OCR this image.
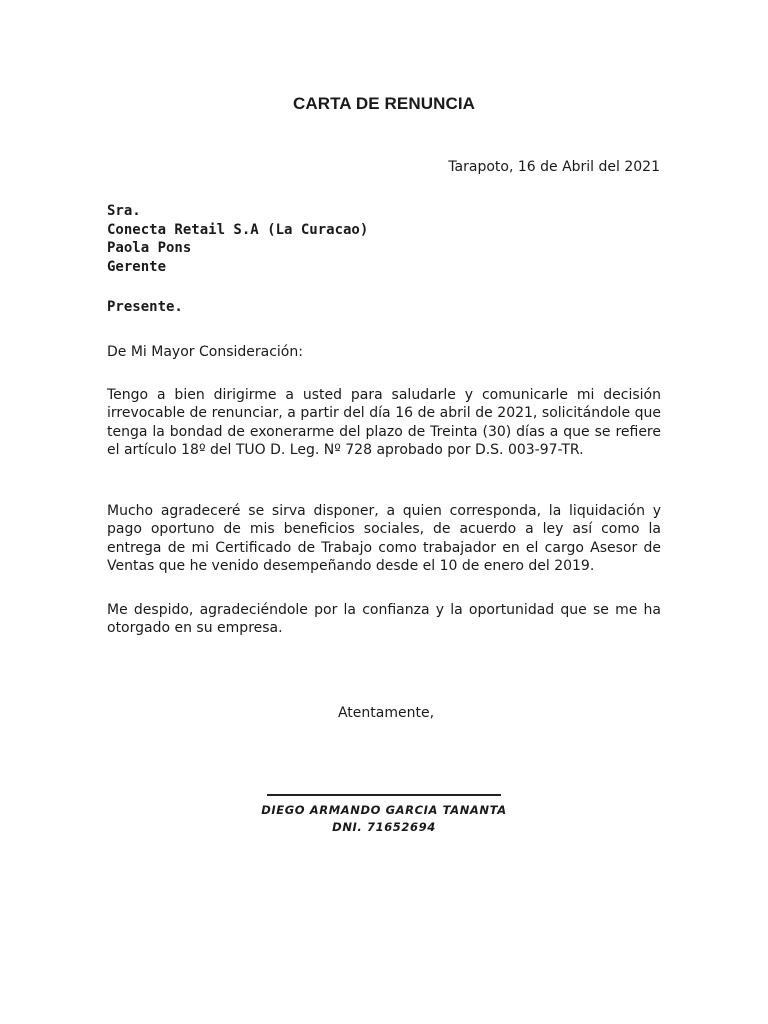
CARTA DE RENUNCIA
Tarapoto, 16 de Abril del 2021
Sra.
Conecta Retail S.A (La Curacao)
Paola Pons
Gerente
Presente.
De Mi Mayor Consideración:
Tengo a bien dirigirme a usted para saludarle y comunicarle mi decisión irrevocable de renunciar, a partir del día 16 de abril de 2021, solicitándole que tenga la bondad de exonerarme del plazo de Treinta (30) días a que se refiere el artículo 18º del TUO D. Leg. Nº 728 aprobado por D.S. 003-97-TR.
Mucho agradeceré se sirva disponer, a quien corresponda, la liquidación y pago oportuno de mis beneficios sociales, de acuerdo a ley así como la entrega de mi Certificado de Trabajo como trabajador en el cargo Asesor de Ventas que he venido desempeñando desde el 10 de enero del 2019.
Me despido, agradeciéndole por la confianza y la oportunidad que se me ha otorgado en su empresa.
Atentamente,
DIEGO ARMANDO GARCIA TANANTA
DNI. 71652694
